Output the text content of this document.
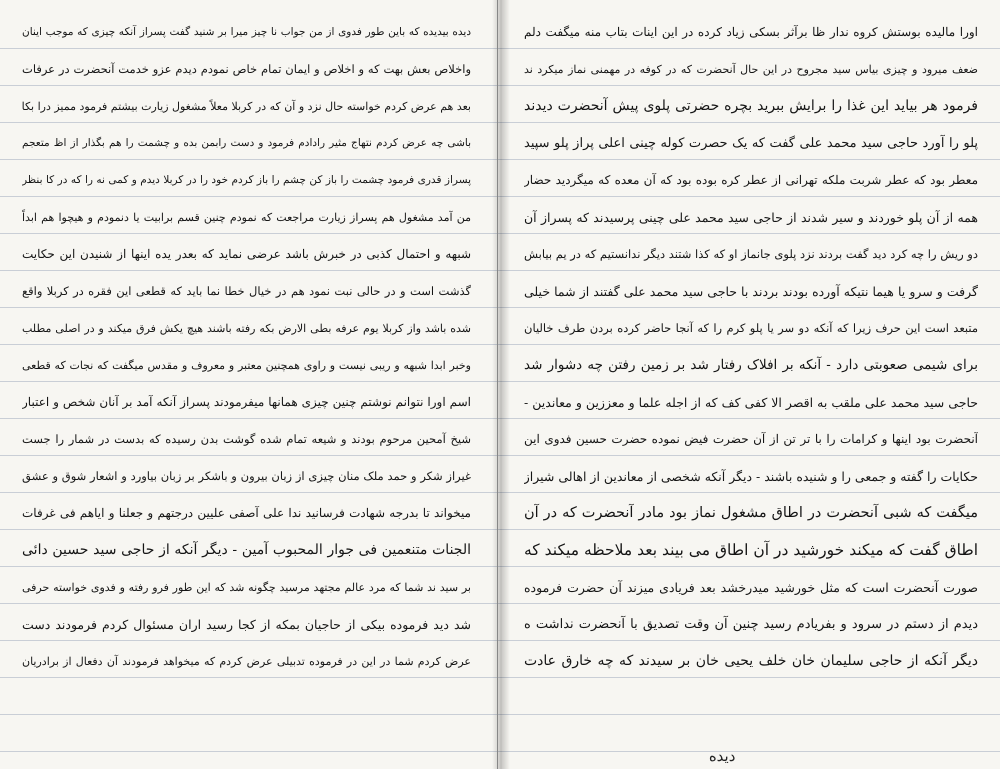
دیده بیدیده که باین طور فدوی از من جواب نا چیز میرا بر شنید گفت پسراز آنکه چیزی که موجب اینان
واخلاص بعش بهت که و اخلاص و ایمان تمام خاص نمودم دیدم عزو خدمت آنحضرت در عرفات
بعد هم عرض کردم خواسته حال نزد و آن که در کربلا معلاً مشغول زیارت بیشتم فرمود ممیز درا بکا
باشی چه عرض کردم نتهاج مثیر رادادم فرمود و دست رابمن بده و چشمت را هم بگذار از اظ متعجم
پسراز قدری فرمود چشمت را باز کن چشم را باز کردم خود را در کربلا دیدم و کمی نه را که در کا بنظر
من آمد مشغول هم پسراز زیارت مراجعت که نمودم چنین قسم برابیت یا دنمودم و هیچوا هم ابداً
شبهه و احتمال کذبی در خبرش باشد عرضی نماید که بعدر یده اینها از شنیدن این حکایت
گذشت است و در حالی نبت نمود هم در خیال خطا نما باید که قطعی این فقره در کربلا واقع
شده باشد واز کربلا یوم عرفه بطی الارض بکه رفته باشند هیچ یکش فرق میکند و در اصلی مطلب
وخبر ابدا شبهه و ریبی نیست و راوی همچنین معتبر و معروف و مقدس میگفت که نجات که قطعی
اسم اورا نتوانم نوشتم چنین چیزی همانها میفرمودند پسراز آنکه آمد بر آنان شخص و اعتبار
شیخ آمحین مرحوم بودند و شیعه تمام شده گوشت بدن رسیده که بدست در شمار را جست
غیراز شکر و حمد ملک منان چیزی از زبان بیرون و باشکر بر زبان بیاورد و اشعار شوق و عشق
میخواند تا بدرجه شهادت فرسانید ندا علی آصفی علیین درجتهم و جعلنا و ایاهم فی غرفات
الجنات متنعمین فی جوار المحبوب آمین - دیگر آنکه از حاجی سید حسین دائی
بر سید ند شما که مرد عالم مجتهد مرسید چگونه شد که این طور فرو رفته و فدوی خواسته حرفی
شد دید فرموده بیکی از حاجیان بمکه از کجا رسید اران مسئوال کردم فرمودند دست
عرض کردم شما در این در فرموده تدبیلی عرض کردم که میخواهد فرمودند آن دفعال از برادریان
اورا مالیده بوستش کروه ندار ظا برآثر بسکی زیاد کرده در این اینات بتاب منه میگفت دلم
ضعف میرود و چیزی بیاس سید مجروح در این حال آنحضرت که در کوفه در مهمنی نماز میکرد ند
فرمود هر بیاید این غذا را برایش ببرید بچره حضرتی پلوی پیش آنحضرت دیدند
پلو را آورد حاجی سید محمد علی گفت که یک حصرت کوله چینی اعلی پراز پلو سپید
معطر بود که عطر شربت ملکه تهرانی از عطر کره بوده بود که آن معده که میگردید حضار
همه از آن پلو خوردند و سیر شدند از حاجی سید محمد علی چینی پرسیدند که پسراز آن
دو ریش را چه کرد دید گفت بردند نزد پلوی جانماز او که کذا شتند دیگر ندانستیم که در یم بیابش
گرفت و سرو یا هیما نتیکه آورده بودند بردند با حاجی سید محمد علی گفتند از شما خیلی
متبعد است این حرف زیرا که آنکه دو سر یا پلو کرم را که آنجا حاضر کرده بردن طرف خالیان
برای شیمی صعوبتی دارد - آنکه بر افلاک رفتار شد بر زمین رفتن چه دشوار شد
حاجی سید محمد علی ملقب به اقصر الا کفی کف که از اجله علما و معززین و معاندین -
آنحضرت بود اینها و کرامات را با تر تن از آن حضرت فیض نموده حضرت حسین فدوی این
حکایات را گفته و جمعی را و شنیده باشند - دیگر آنکه شخصی از معاندین از اهالی شیراز
میگفت که شبی آنحضرت در اطاق مشغول نماز بود مادر آنحضرت که در آن
اطاق گفت که میکند خورشید در آن اطاق می بیند بعد ملاحظه میکند که
صورت آنحضرت است که مثل خورشید میدرخشد بعد فریادی میزند آن حضرت فرموده
دیدم از دستم در سرود و بفریادم رسید چنین آن وقت تصدیق با آنحضرت نداشت ه
دیگر آنکه از حاجی سلیمان خان خلف یحیی خان بر سیدند که چه خارق عادت
دیده
